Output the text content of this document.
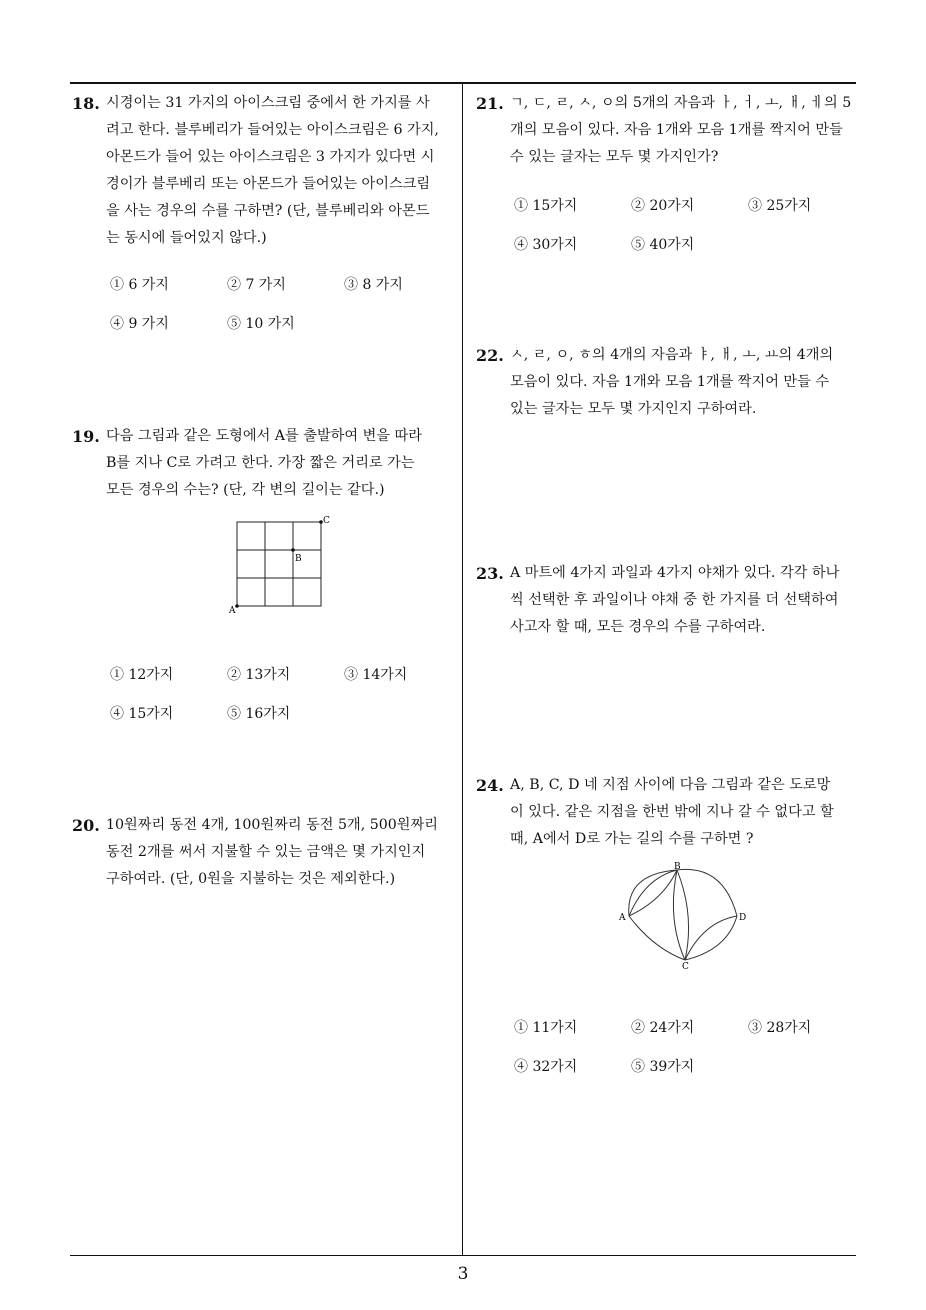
18. 시경이는 31 가지의 아이스크림 중에서 한 가지를 사
려고 한다. 블루베리가 들어있는 아이스크림은 6 가지,
아몬드가 들어 있는 아이스크림은 3 가지가 있다면 시
경이가 블루베리 또는 아몬드가 들어있는 아이스크림
을 사는 경우의 수를 구하면? (단, 블루베리와 아몬드
는 동시에 들어있지 않다.)
① 6 가지	② 7 가지	③ 8 가지
④ 9 가지	⑤ 10 가지
19. 다음 그림과 같은 도형에서 A를 출발하여 변을 따라
B를 지나 C로 가려고 한다. 가장 짧은 거리로 가는
모든 경우의 수는? (단, 각 변의 길이는 같다.)
A
B
C
① 12가지	② 13가지	③ 14가지
④ 15가지	⑤ 16가지
20. 10원짜리 동전 4개, 100원짜리 동전 5개, 500원짜리
동전 2개를 써서 지불할 수 있는 금액은 몇 가지인지
구하여라. (단, 0원을 지불하는 것은 제외한다.)
21. ㄱ, ㄷ, ㄹ, ㅅ, ㅇ의 5개의 자음과 ㅏ, ㅓ, ㅗ, ㅐ, ㅔ의 5
개의 모음이 있다. 자음 1개와 모음 1개를 짝지어 만들
수 있는 글자는 모두 몇 가지인가?
① 15가지	② 20가지	③ 25가지
④ 30가지	⑤ 40가지
22. ㅅ, ㄹ, ㅇ, ㅎ의 4개의 자음과 ㅑ, ㅐ, ㅗ, ㅛ의 4개의
모음이 있다. 자음 1개와 모음 1개를 짝지어 만들 수
있는 글자는 모두 몇 가지인지 구하여라.
23. A 마트에 4가지 과일과 4가지 야채가 있다. 각각 하나
씩 선택한 후 과일이나 야채 중 한 가지를 더 선택하여
사고자 할 때, 모든 경우의 수를 구하여라.
24. A, B, C, D 네 지점 사이에 다음 그림과 같은 도로망
이 있다. 같은 지점을 한번 밖에 지나 갈 수 없다고 할
때, A에서 D로 가는 길의 수를 구하면 ?
A
B
C
D
① 11가지	② 24가지	③ 28가지
④ 32가지	⑤ 39가지
3
